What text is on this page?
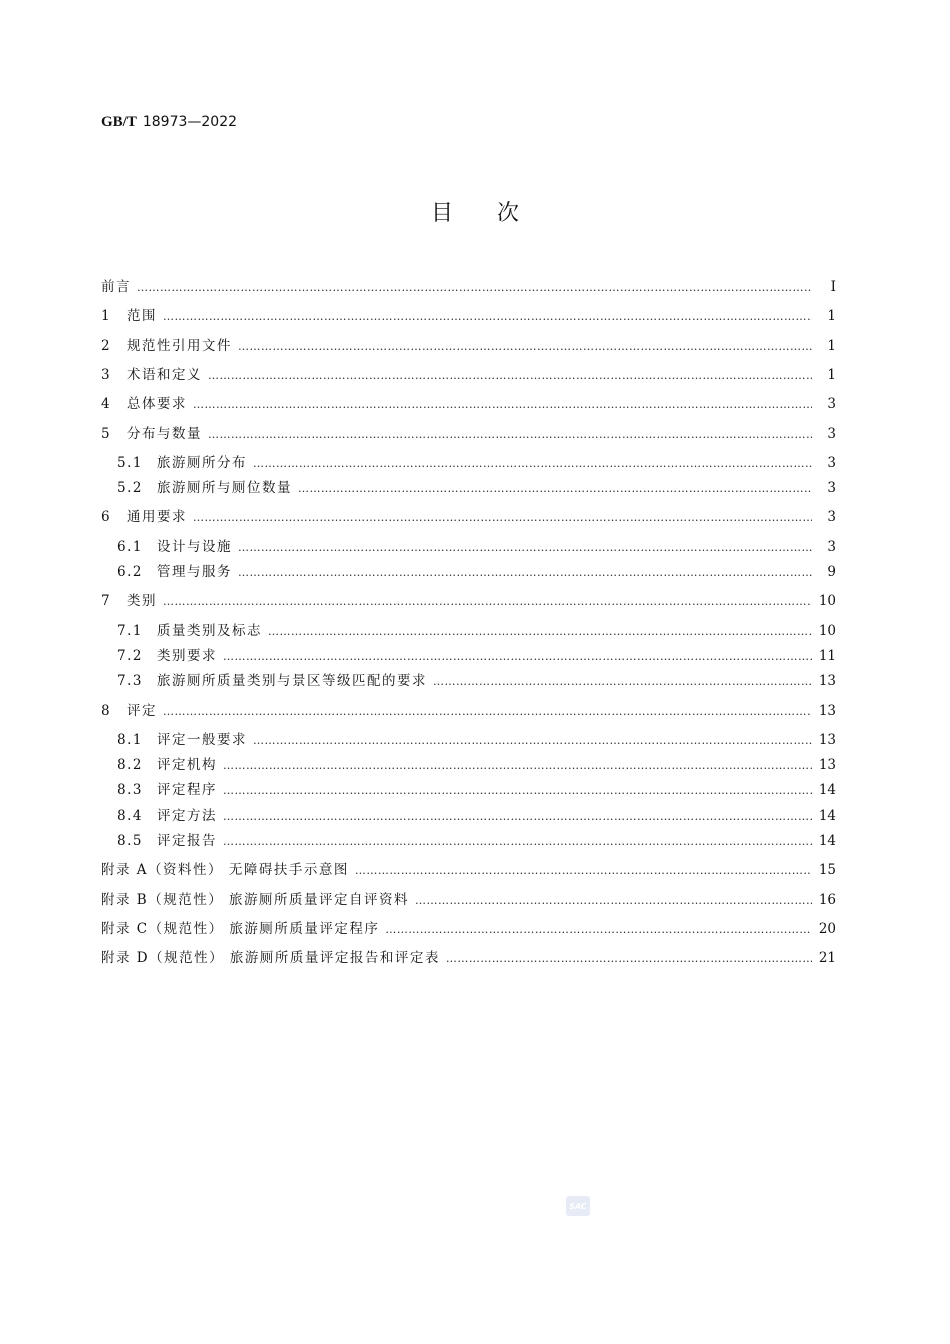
GB/T 18973—2022
目次
前言 …………………………………………………………………………………………………………………………………………………………………………………………………………	Ⅰ
1	范围 …………………………………………………………………………………………………………………………………………………………………………………………………………	1
2	规范性引用文件 …………………………………………………………………………………………………………………………………………………………………………………………………………	1
3	术语和定义 …………………………………………………………………………………………………………………………………………………………………………………………………………	1
4	总体要求 …………………………………………………………………………………………………………………………………………………………………………………………………………	3
5	分布与数量 …………………………………………………………………………………………………………………………………………………………………………………………………………	3
5.1	旅游厕所分布 …………………………………………………………………………………………………………………………………………………………………………………………………………	3
5.2	旅游厕所与厕位数量 …………………………………………………………………………………………………………………………………………………………………………………………………………	3
6	通用要求 …………………………………………………………………………………………………………………………………………………………………………………………………………	3
6.1	设计与设施 …………………………………………………………………………………………………………………………………………………………………………………………………………	3
6.2	管理与服务 …………………………………………………………………………………………………………………………………………………………………………………………………………	9
7	类别 …………………………………………………………………………………………………………………………………………………………………………………………………………	10
7.1	质量类别及标志 …………………………………………………………………………………………………………………………………………………………………………………………………………	10
7.2	类别要求 …………………………………………………………………………………………………………………………………………………………………………………………………………	11
7.3	旅游厕所质量类别与景区等级匹配的要求 …………………………………………………………………………………………………………………………………………………………………………………………………………	13
8	评定 …………………………………………………………………………………………………………………………………………………………………………………………………………	13
8.1	评定一般要求 …………………………………………………………………………………………………………………………………………………………………………………………………………	13
8.2	评定机构 …………………………………………………………………………………………………………………………………………………………………………………………………………	13
8.3	评定程序 …………………………………………………………………………………………………………………………………………………………………………………………………………	14
8.4	评定方法 …………………………………………………………………………………………………………………………………………………………………………………………………………	14
8.5	评定报告 …………………………………………………………………………………………………………………………………………………………………………………………………………	14
附录 A（资料性） 无障碍扶手示意图 …………………………………………………………………………………………………………………………………………………………………………………………………………	15
附录 B（规范性） 旅游厕所质量评定自评资料 …………………………………………………………………………………………………………………………………………………………………………………………………………	16
附录 C（规范性） 旅游厕所质量评定程序 …………………………………………………………………………………………………………………………………………………………………………………………………………	20
附录 D（规范性） 旅游厕所质量评定报告和评定表 …………………………………………………………………………………………………………………………………………………………………………………………………………	21
SAC
